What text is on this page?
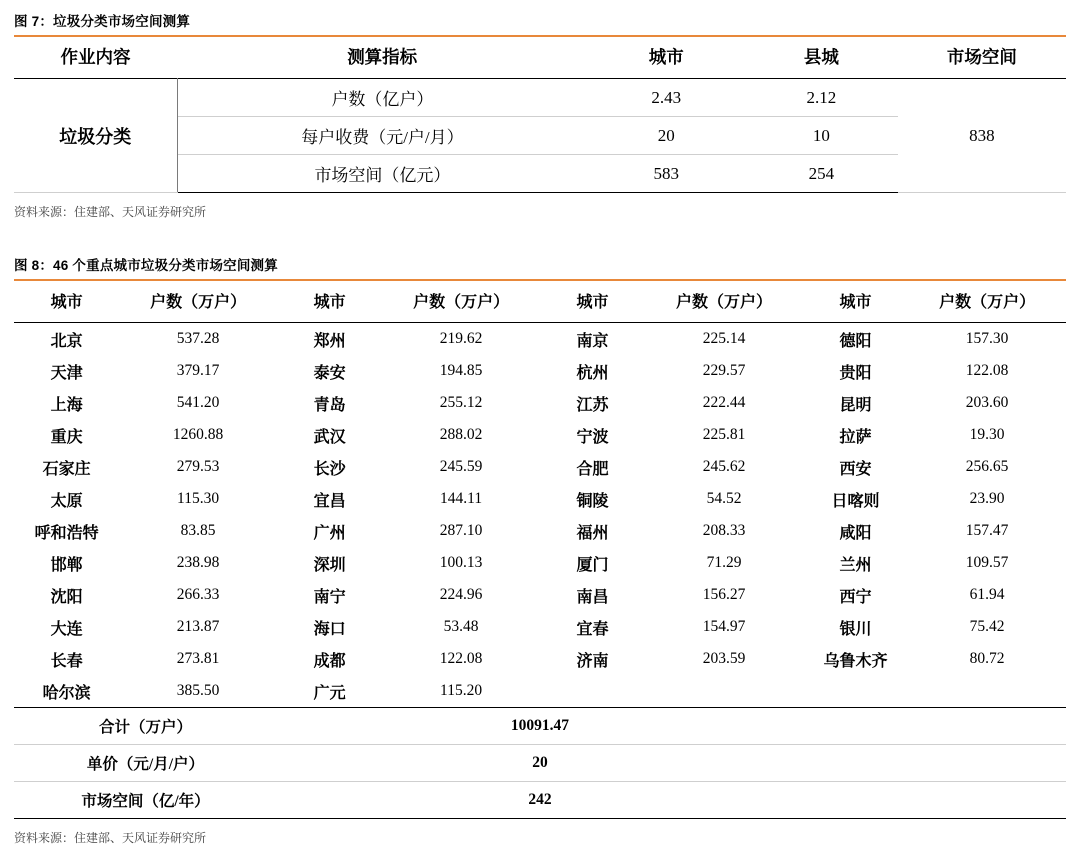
图 7：垃圾分类市场空间测算
作业内容	测算指标	城市	县城	市场空间
垃圾分类	户数（亿户）	2.43	2.12	838
	每户收费（元/户/月）	20	10	
	市场空间（亿元）	583	254	
资料来源：住建部、天风证券研究所
图 8：46 个重点城市垃圾分类市场空间测算
城市	户数（万户）	城市	户数（万户）	城市	户数（万户）	城市	户数（万户）
北京	537.28	郑州	219.62	南京	225.14	德阳	157.30
天津	379.17	泰安	194.85	杭州	229.57	贵阳	122.08
上海	541.20	青岛	255.12	江苏	222.44	昆明	203.60
重庆	1260.88	武汉	288.02	宁波	225.81	拉萨	19.30
石家庄	279.53	长沙	245.59	合肥	245.62	西安	256.65
太原	115.30	宜昌	144.11	铜陵	54.52	日喀则	23.90
呼和浩特	83.85	广州	287.10	福州	208.33	咸阳	157.47
邯郸	238.98	深圳	100.13	厦门	71.29	兰州	109.57
沈阳	266.33	南宁	224.96	南昌	156.27	西宁	61.94
大连	213.87	海口	53.48	宜春	154.97	银川	75.42
长春	273.81	成都	122.08	济南	203.59	乌鲁木齐	80.72
哈尔滨	385.50	广元	115.20				
合计（万户）		10091.47					
单价（元/月/户）		20					
市场空间（亿/年）		242					
资料来源：住建部、天风证券研究所
